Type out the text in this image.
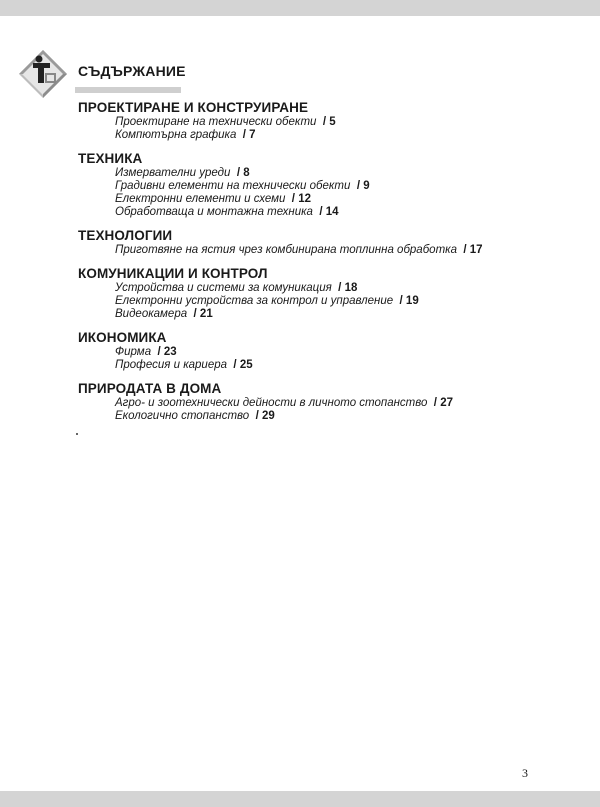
СЪДЪРЖАНИЕ
ПРОЕКТИРАНЕ И КОНСТРУИРАНЕ
Проектиране на технически обекти / 5
Компютърна графика / 7
ТЕХНИКА
Измервателни уреди / 8
Градивни елементи на технически обекти / 9
Електронни елементи и схеми / 12
Обработваща и монтажна техника / 14
ТЕХНОЛОГИИ
Приготвяне на ястия чрез комбинирана топлинна обработка / 17
КОМУНИКАЦИИ И КОНТРОЛ
Устройства и системи за комуникация / 18
Електронни устройства за контрол и управление / 19
Видеокамера / 21
ИКОНОМИКА
Фирма / 23
Професия и кариера / 25
ПРИРОДАТА В ДОМА
Агро- и зоотехнически дейности в личното стопанство / 27
Екологично стопанство / 29
3
